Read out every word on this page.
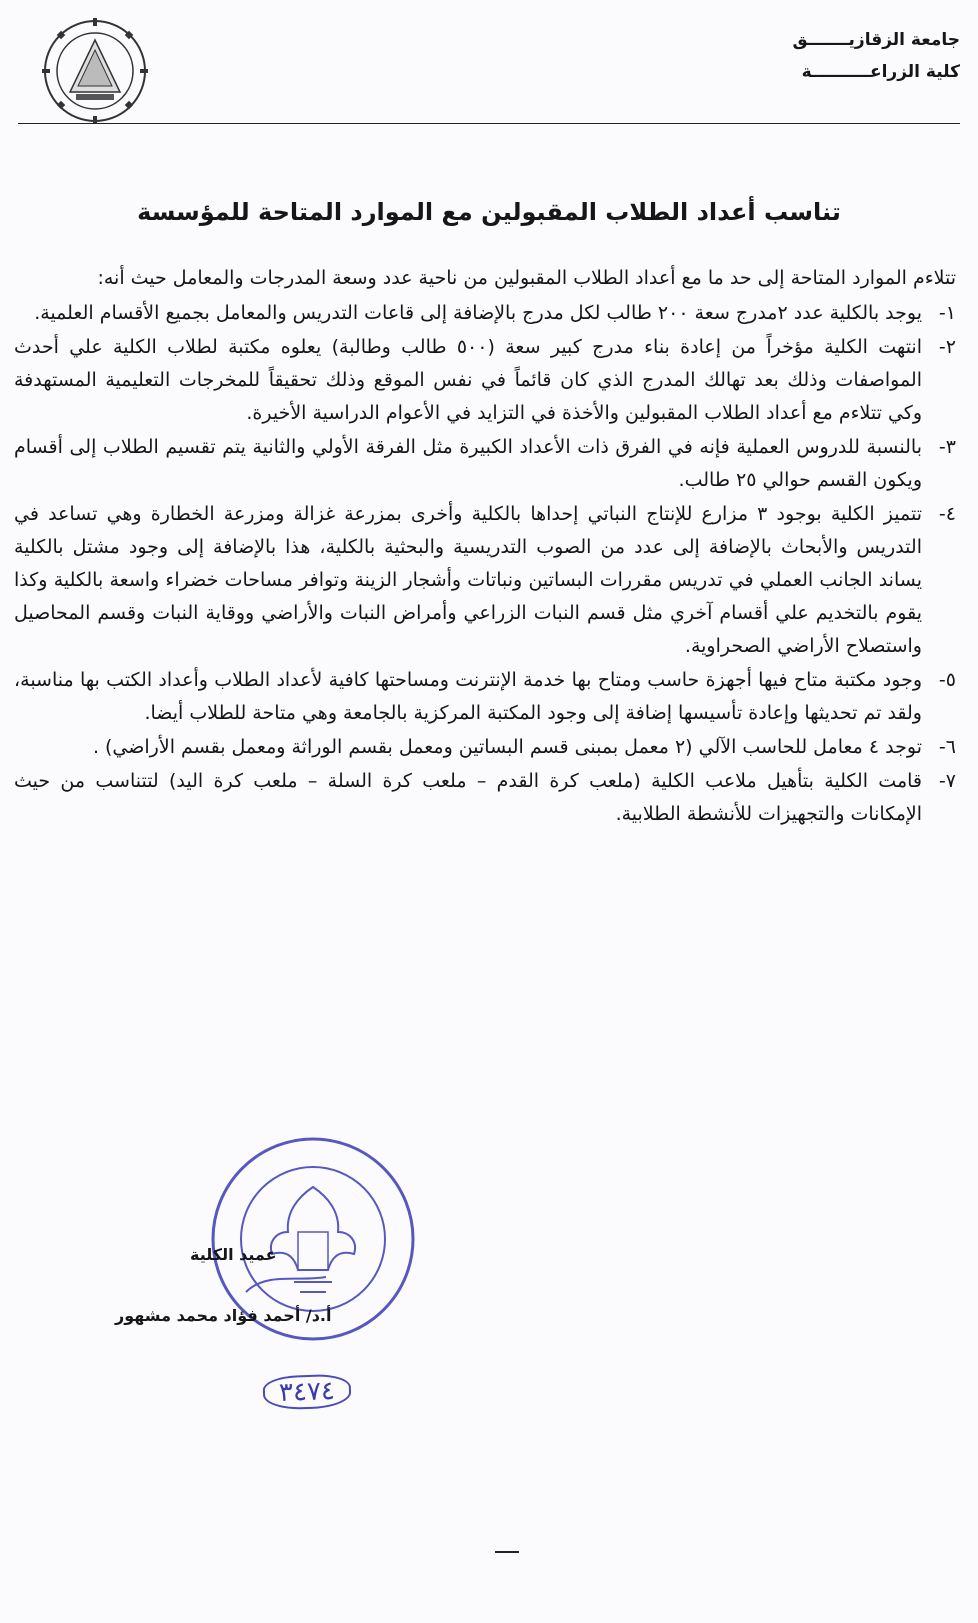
جامعة الزقازيـــــــق
كلية الزراعــــــــــة
تناسب أعداد الطلاب المقبولين مع الموارد المتاحة للمؤسسة
تتلاءم الموارد المتاحة إلى حد ما مع أعداد الطلاب المقبولين من ناحية عدد وسعة المدرجات والمعامل حيث أنه:
١-
يوجد بالكلية عدد ٢مدرج سعة ٢٠٠ طالب لكل مدرج بالإضافة إلى قاعات التدريس والمعامل بجميع الأقسام العلمية.
٢-
انتهت الكلية مؤخراً من إعادة بناء مدرج كبير سعة (٥٠٠ طالب وطالبة) يعلوه مكتبة لطلاب الكلية علي أحدث المواصفات وذلك بعد تهالك المدرج الذي كان قائماً في نفس الموقع وذلك تحقيقاً للمخرجات التعليمية المستهدفة وكي تتلاءم مع أعداد الطلاب المقبولين والأخذة في التزايد في الأعوام الدراسية الأخيرة.
٣-
بالنسبة للدروس العملية فإنه في الفرق ذات الأعداد الكبيرة مثل الفرقة الأولي والثانية يتم تقسيم الطلاب إلى أقسام ويكون القسم حوالي ٢٥ طالب.
٤-
تتميز الكلية بوجود ٣ مزارع للإنتاج النباتي إحداها بالكلية وأخرى بمزرعة غزالة ومزرعة الخطارة وهي تساعد في التدريس والأبحاث بالإضافة إلى عدد من الصوب التدريسية والبحثية بالكلية، هذا بالإضافة إلى وجود مشتل بالكلية يساند الجانب العملي في تدريس مقررات البساتين ونباتات وأشجار الزينة وتوافر مساحات خضراء واسعة بالكلية وكذا يقوم بالتخديم علي أقسام آخري مثل قسم النبات الزراعي وأمراض النبات والأراضي ووقاية النبات وقسم المحاصيل واستصلاح الأراضي الصحراوية.
٥-
وجود مكتبة متاح فيها أجهزة حاسب ومتاح بها خدمة الإنترنت ومساحتها كافية لأعداد الطلاب وأعداد الكتب بها مناسبة، ولقد تم تحديثها وإعادة تأسيسها إضافة إلى وجود المكتبة المركزية بالجامعة وهي متاحة للطلاب أيضا.
٦-
توجد ٤ معامل للحاسب الآلي (٢ معمل بمبنى قسم البساتين ومعمل بقسم الوراثة ومعمل بقسم الأراضي) .
٧-
قامت الكلية بتأهيل ملاعب الكلية (ملعب كرة القدم – ملعب كرة السلة – ملعب كرة اليد) لتتناسب من حيث الإمكانات والتجهيزات للأنشطة الطلابية.
عميد الكلية
أ.د/ أحمد فؤاد محمد مشهور
٣٤٧٤
